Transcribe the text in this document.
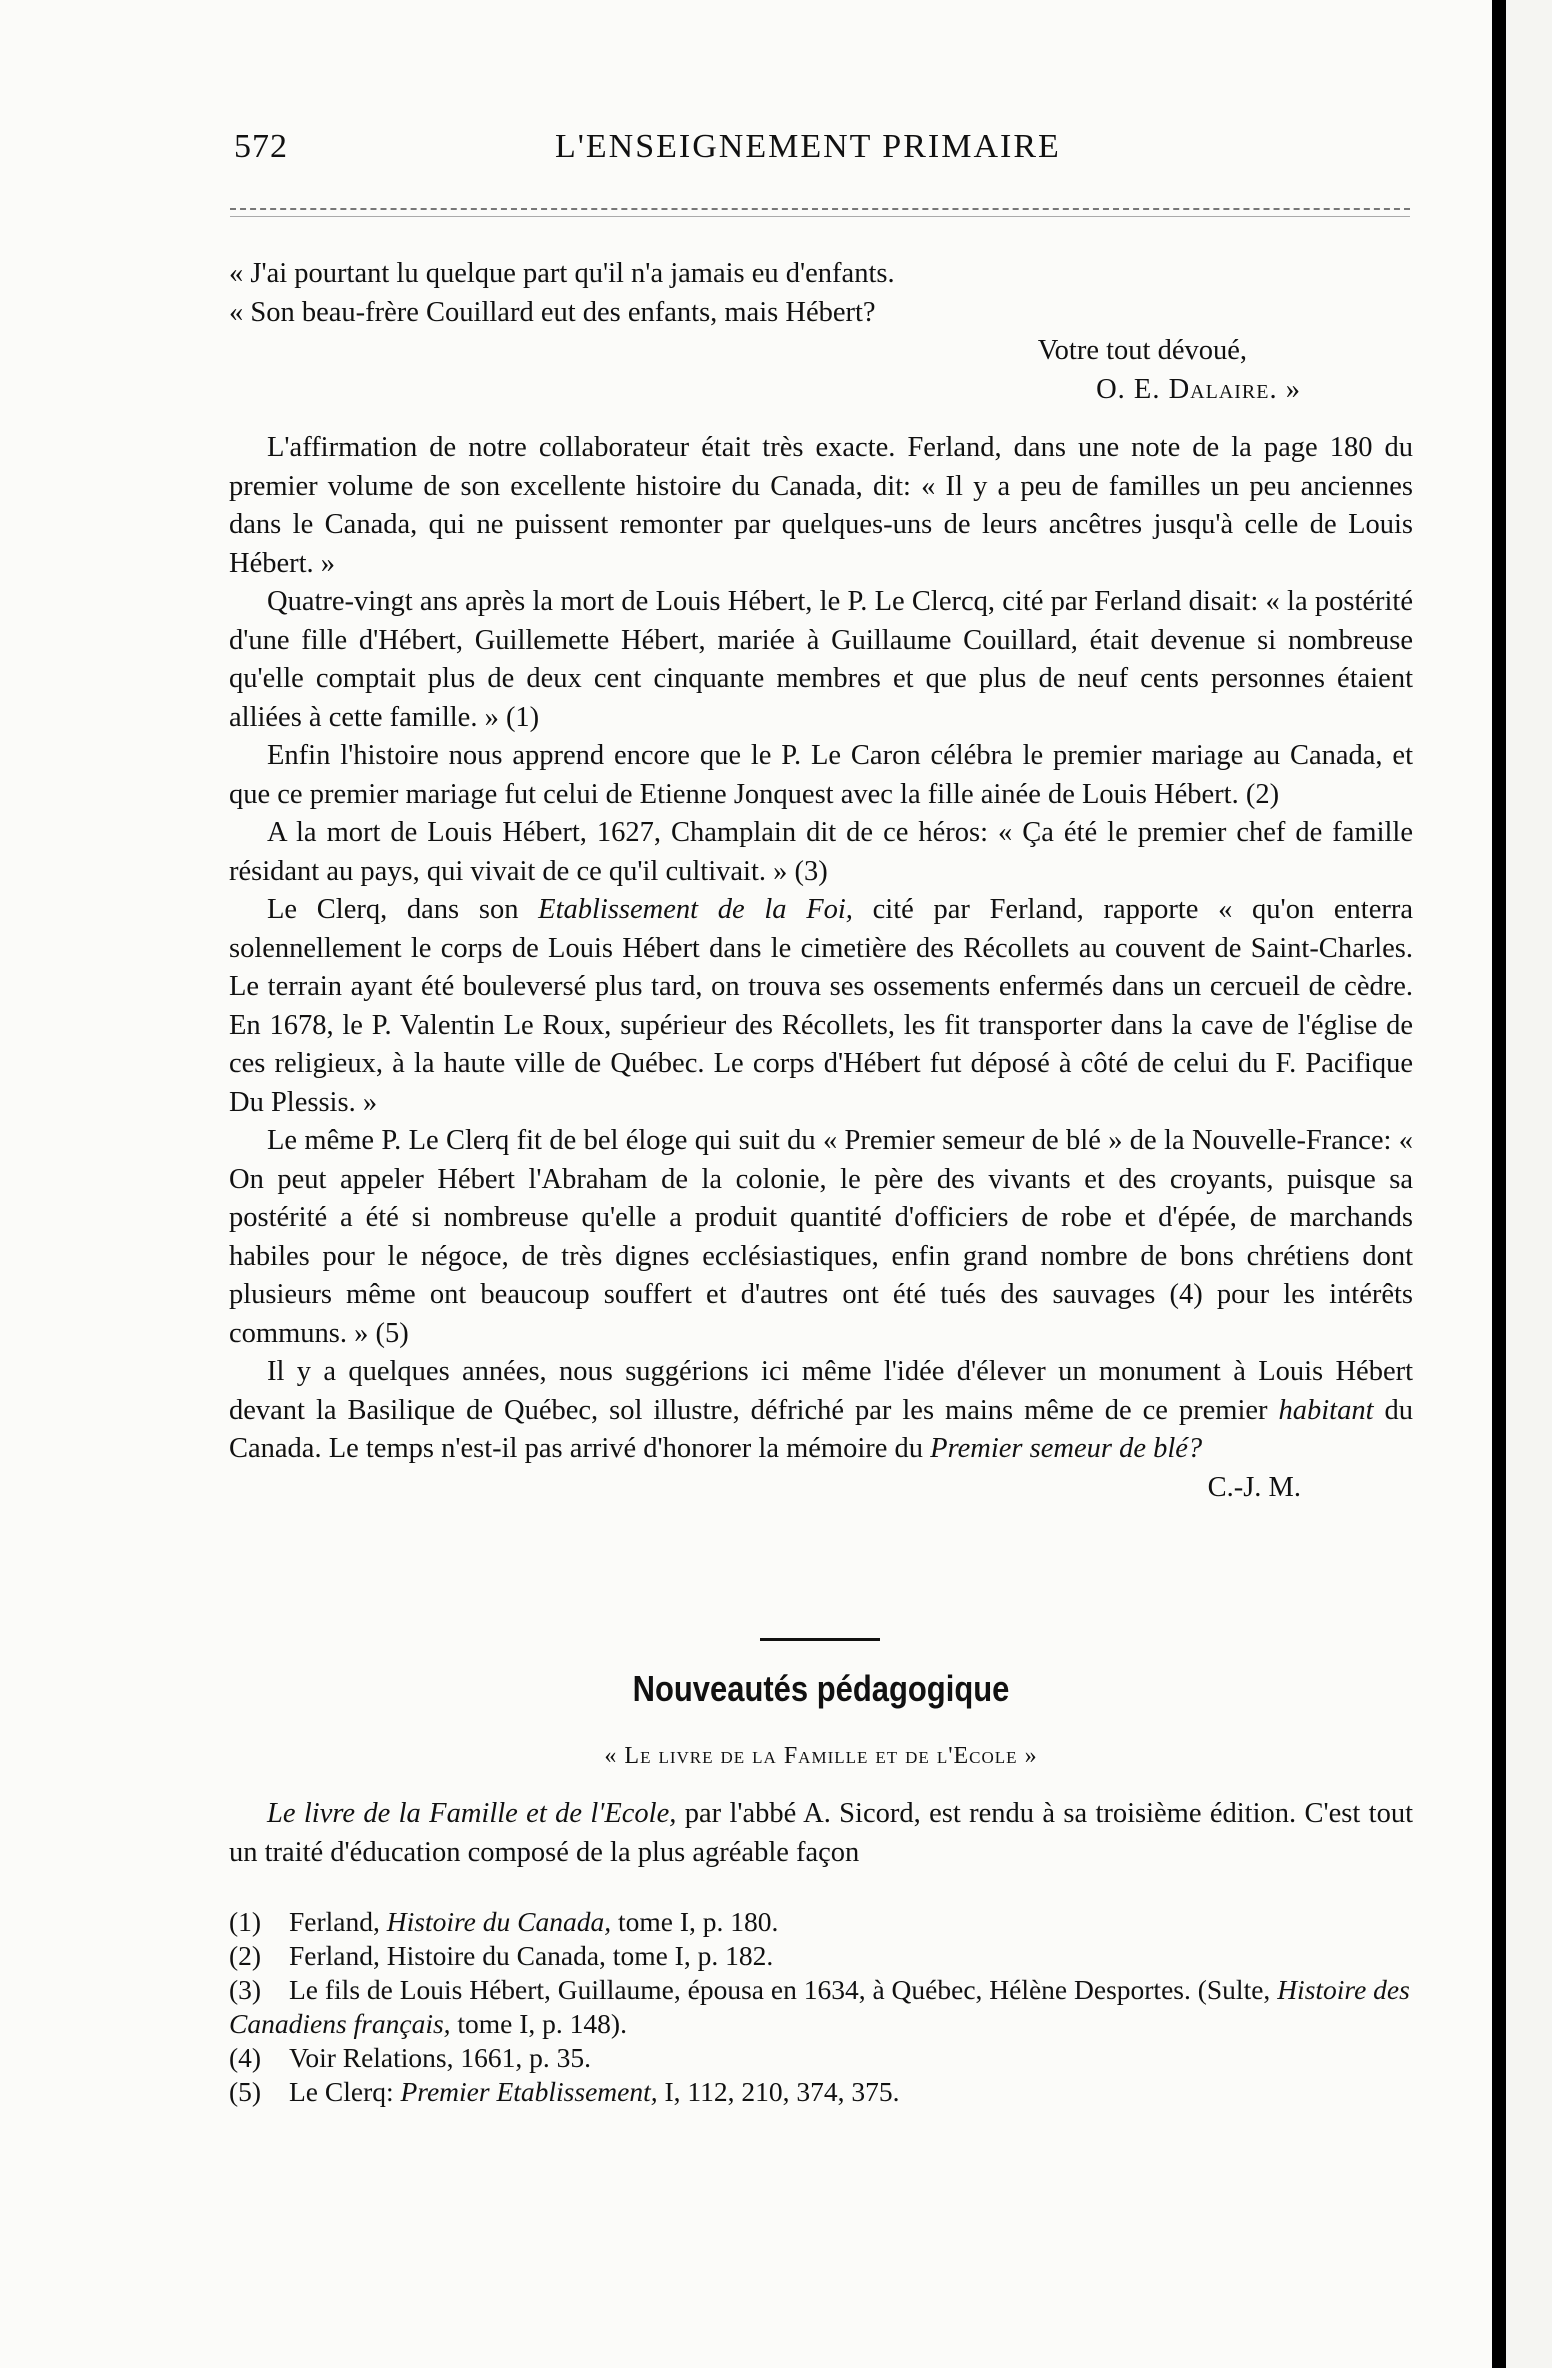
572	L'ENSEIGNEMENT PRIMAIRE

« J'ai pourtant lu quelque part qu'il n'a jamais eu d'enfants.

« Son beau-frère Couillard eut des enfants, mais Hébert?

Votre tout dévoué,

O. E. Dalaire. »

L'affirmation de notre collaborateur était très exacte. Ferland, dans une note de la page 180 du premier volume de son excellente histoire du Canada, dit: « Il y a peu de familles un peu anciennes dans le Canada, qui ne puissent remonter par quelques-uns de leurs ancêtres jusqu'à celle de Louis Hébert. »

Quatre-vingt ans après la mort de Louis Hébert, le P. Le Clercq, cité par Ferland disait: « la postérité d'une fille d'Hébert, Guillemette Hébert, mariée à Guillaume Couillard, était devenue si nombreuse qu'elle comptait plus de deux cent cinquante membres et que plus de neuf cents personnes étaient alliées à cette famille. » (1)

Enfin l'histoire nous apprend encore que le P. Le Caron célébra le premier mariage au Canada, et que ce premier mariage fut celui de Etienne Jonquest avec la fille ainée de Louis Hébert. (2)

A la mort de Louis Hébert, 1627, Champlain dit de ce héros: « Ça été le premier chef de famille résidant au pays, qui vivait de ce qu'il cultivait. » (3)

Le Clerq, dans son Etablissement de la Foi, cité par Ferland, rapporte « qu'on enterra solennellement le corps de Louis Hébert dans le cimetière des Récollets au couvent de Saint-Charles. Le terrain ayant été bouleversé plus tard, on trouva ses ossements enfermés dans un cercueil de cèdre. En 1678, le P. Valentin Le Roux, supérieur des Récollets, les fit transporter dans la cave de l'église de ces religieux, à la haute ville de Québec. Le corps d'Hébert fut déposé à côté de celui du F. Pacifique Du Plessis. »

Le même P. Le Clerq fit de bel éloge qui suit du « Premier semeur de blé » de la Nouvelle-France: « On peut appeler Hébert l'Abraham de la colonie, le père des vivants et des croyants, puisque sa postérité a été si nombreuse qu'elle a produit quantité d'officiers de robe et d'épée, de marchands habiles pour le négoce, de très dignes ecclésiastiques, enfin grand nombre de bons chrétiens dont plusieurs même ont beaucoup souffert et d'autres ont été tués des sauvages (4) pour les intérêts communs. » (5)

Il y a quelques années, nous suggérions ici même l'idée d'élever un monument à Louis Hébert devant la Basilique de Québec, sol illustre, défriché par les mains même de ce premier habitant du Canada. Le temps n'est-il pas arrivé d'honorer la mémoire du Premier semeur de blé?

C.-J. M.

Nouveautés pédagogique
« Le livre de la Famille et de l'Ecole »

Le livre de la Famille et de l'Ecole, par l'abbé A. Sicord, est rendu à sa troisième édition. C'est tout un traité d'éducation composé de la plus agréable façon

(1) Ferland, Histoire du Canada, tome I, p. 180.

(2) Ferland, Histoire du Canada, tome I, p. 182.

(3) Le fils de Louis Hébert, Guillaume, épousa en 1634, à Québec, Hélène Desportes. (Sulte, Histoire des Canadiens français, tome I, p. 148).

(4) Voir Relations, 1661, p. 35.

(5) Le Clerq: Premier Etablissement, I, 112, 210, 374, 375.
